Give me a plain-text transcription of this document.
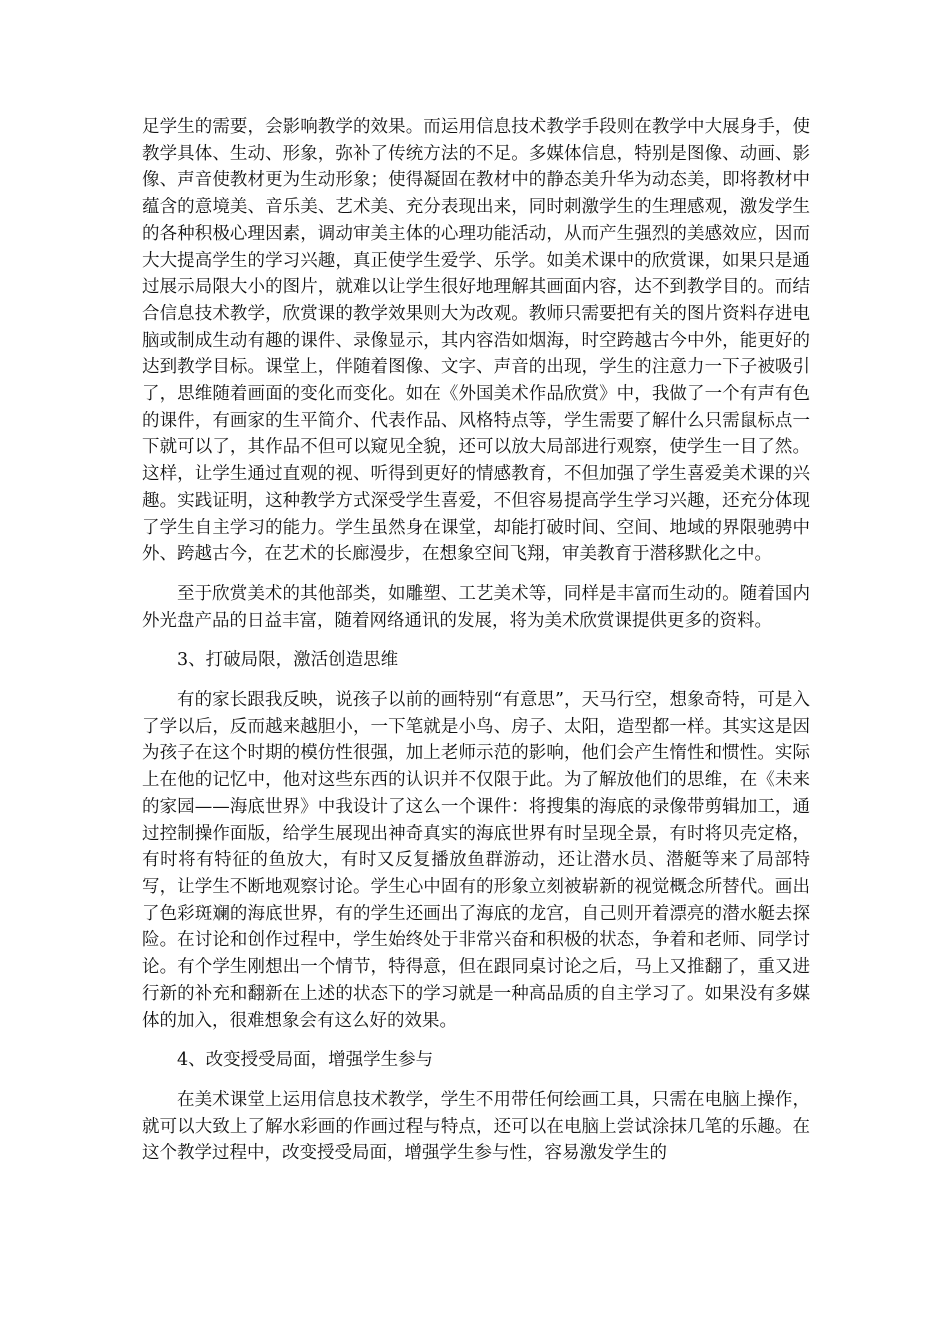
足学生的需要，会影响教学的效果。而运用信息技术教学手段则在教学中大展身手，使教学具体、生动、形象，弥补了传统方法的不足。多媒体信息，特别是图像、动画、影像、声音使教材更为生动形象；使得凝固在教材中的静态美升华为动态美，即将教材中蕴含的意境美、音乐美、艺术美、充分表现出来，同时刺激学生的生理感观，激发学生的各种积极心理因素，调动审美主体的心理功能活动，从而产生强烈的美感效应，因而大大提高学生的学习兴趣，真正使学生爱学、乐学。如美术课中的欣赏课，如果只是通过展示局限大小的图片，就难以让学生很好地理解其画面内容，达不到教学目的。而结合信息技术教学，欣赏课的教学效果则大为改观。教师只需要把有关的图片资料存进电脑或制成生动有趣的课件、录像显示，其内容浩如烟海，时空跨越古今中外，能更好的达到教学目标。课堂上，伴随着图像、文字、声音的出现，学生的注意力一下子被吸引了，思维随着画面的变化而变化。如在《外国美术作品欣赏》中，我做了一个有声有色的课件，有画家的生平简介、代表作品、风格特点等，学生需要了解什么只需鼠标点一下就可以了，其作品不但可以窥见全貌，还可以放大局部进行观察，使学生一目了然。这样，让学生通过直观的视、听得到更好的情感教育，不但加强了学生喜爱美术课的兴趣。实践证明，这种教学方式深受学生喜爱，不但容易提高学生学习兴趣，还充分体现了学生自主学习的能力。学生虽然身在课堂，却能打破时间、空间、地域的界限驰骋中外、跨越古今，在艺术的长廊漫步，在想象空间飞翔，审美教育于潜移默化之中。

至于欣赏美术的其他部类，如雕塑、工艺美术等，同样是丰富而生动的。随着国内外光盘产品的日益丰富，随着网络通讯的发展，将为美术欣赏课提供更多的资料。

3、打破局限，激活创造思维

有的家长跟我反映，说孩子以前的画特别“有意思”，天马行空，想象奇特，可是入了学以后，反而越来越胆小，一下笔就是小鸟、房子、太阳，造型都一样。其实这是因为孩子在这个时期的模仿性很强，加上老师示范的影响，他们会产生惰性和惯性。实际上在他的记忆中，他对这些东西的认识并不仅限于此。为了解放他们的思维，在《未来的家园——海底世界》中我设计了这么一个课件：将搜集的海底的录像带剪辑加工，通过控制操作面版，给学生展现出神奇真实的海底世界有时呈现全景，有时将贝壳定格，有时将有特征的鱼放大，有时又反复播放鱼群游动，还让潜水员、潜艇等来了局部特写，让学生不断地观察讨论。学生心中固有的形象立刻被崭新的视觉概念所替代。画出了色彩斑斓的海底世界，有的学生还画出了海底的龙宫，自己则开着漂亮的潜水艇去探险。在讨论和创作过程中，学生始终处于非常兴奋和积极的状态，争着和老师、同学讨论。有个学生刚想出一个情节，特得意，但在跟同桌讨论之后，马上又推翻了，重又进行新的补充和翻新在上述的状态下的学习就是一种高品质的自主学习了。如果没有多媒体的加入，很难想象会有这么好的效果。

4、改变授受局面，增强学生参与

在美术课堂上运用信息技术教学，学生不用带任何绘画工具，只需在电脑上操作，就可以大致上了解水彩画的作画过程与特点，还可以在电脑上尝试涂抹几笔的乐趣。在这个教学过程中，改变授受局面，增强学生参与性，容易激发学生的
